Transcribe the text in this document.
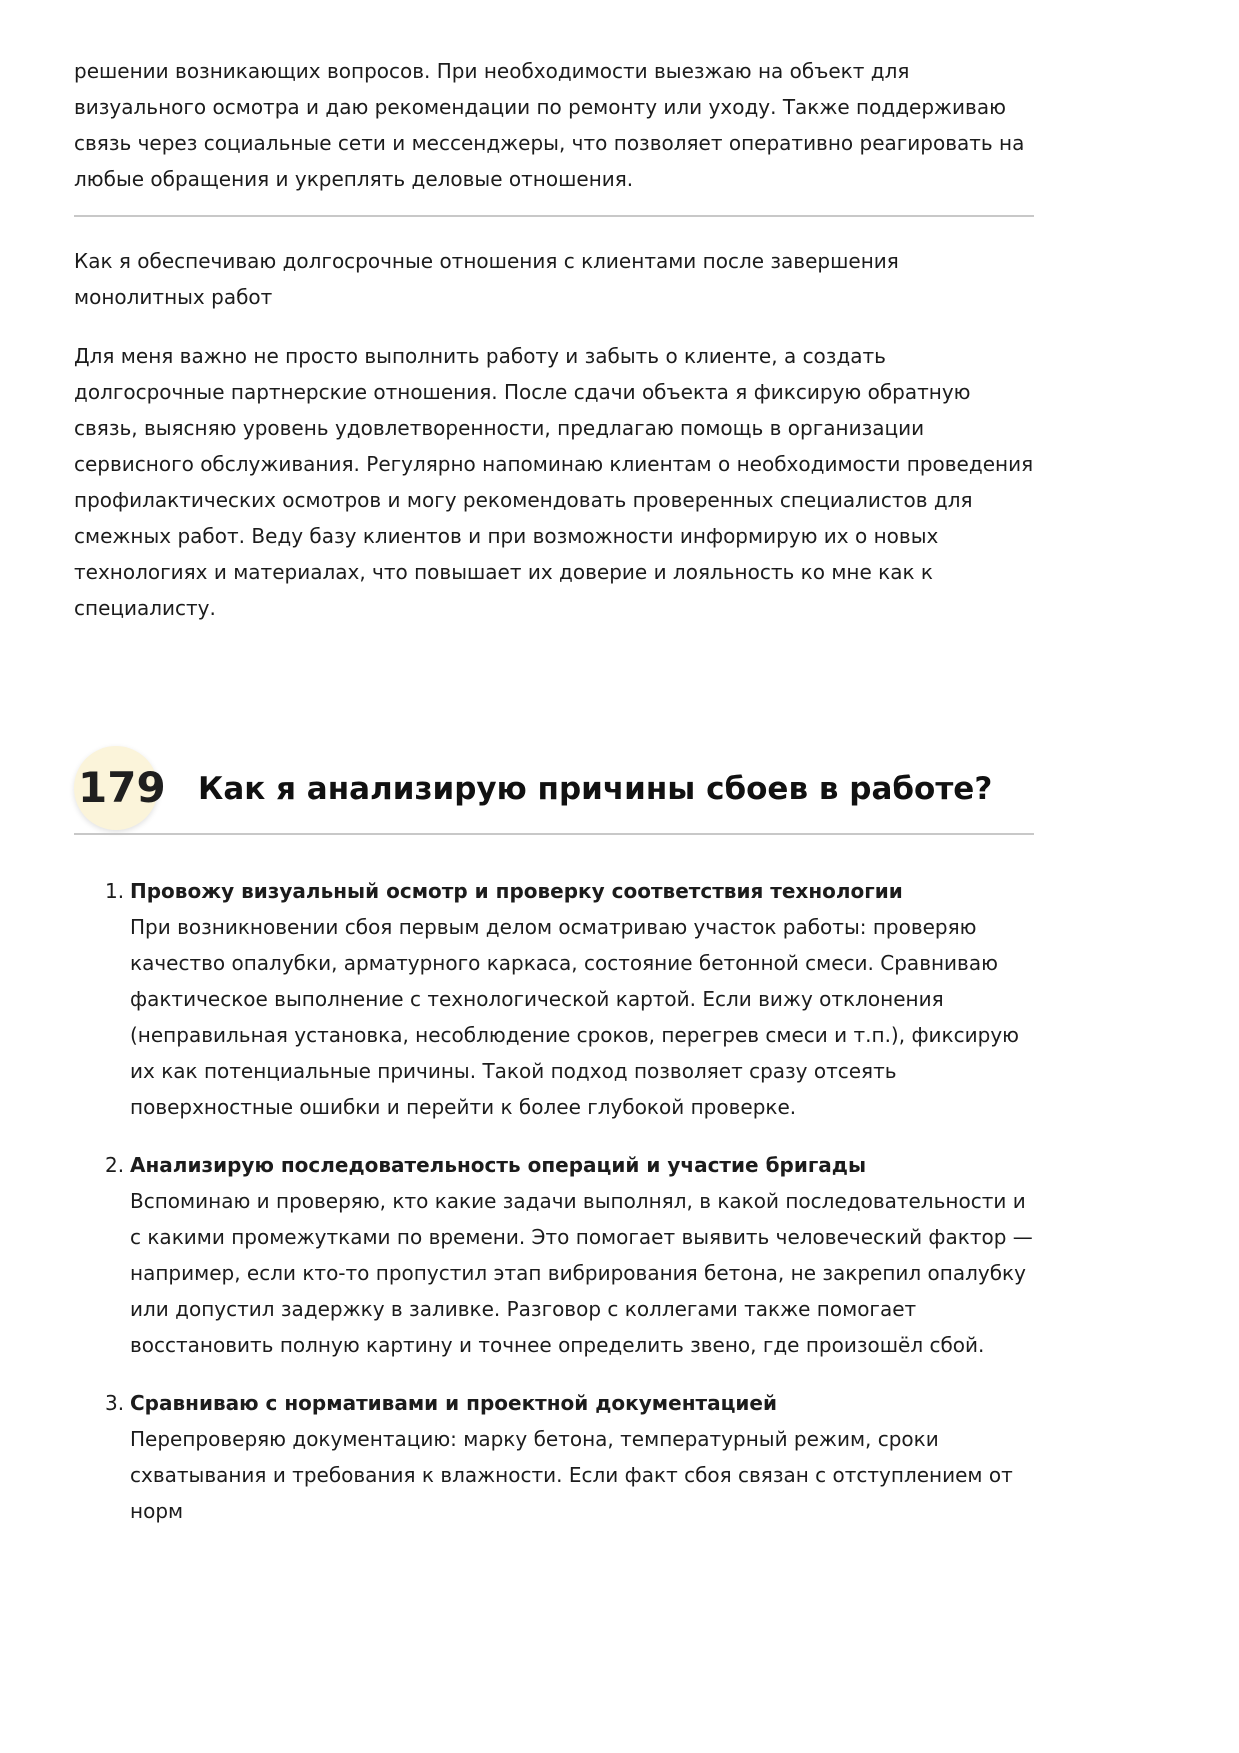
решении возникающих вопросов. При необходимости выезжаю на объект для визуального осмотра и даю рекомендации по ремонту или уходу. Также поддерживаю связь через социальные сети и мессенджеры, что позволяет оперативно реагировать на любые обращения и укреплять деловые отношения.

Как я обеспечиваю долгосрочные отношения с клиентами после завершения монолитных работ

Для меня важно не просто выполнить работу и забыть о клиенте, а создать долгосрочные партнерские отношения. После сдачи объекта я фиксирую обратную связь, выясняю уровень удовлетворенности, предлагаю помощь в организации сервисного обслуживания. Регулярно напоминаю клиентам о необходимости проведения профилактических осмотров и могу рекомендовать проверенных специалистов для смежных работ. Веду базу клиентов и при возможности информирую их о новых технологиях и материалах, что повышает их доверие и лояльность ко мне как к специалисту.

179 Как я анализирую причины сбоев в работе?
1. Провожу визуальный осмотр и проверку соответствия технологии
При возникновении сбоя первым делом осматриваю участок работы: проверяю качество опалубки, арматурного каркаса, состояние бетонной смеси. Сравниваю фактическое выполнение с технологической картой. Если вижу отклонения (неправильная установка, несоблюдение сроков, перегрев смеси и т.п.), фиксирую их как потенциальные причины. Такой подход позволяет сразу отсеять поверхностные ошибки и перейти к более глубокой проверке.
2. Анализирую последовательность операций и участие бригады
Вспоминаю и проверяю, кто какие задачи выполнял, в какой последовательности и с какими промежутками по времени. Это помогает выявить человеческий фактор — например, если кто-то пропустил этап вибрирования бетона, не закрепил опалубку или допустил задержку в заливке. Разговор с коллегами также помогает восстановить полную картину и точнее определить звено, где произошёл сбой.
3. Сравниваю с нормативами и проектной документацией
Перепроверяю документацию: марку бетона, температурный режим, сроки схватывания и требования к влажности. Если факт сбоя связан с отступлением от норм
